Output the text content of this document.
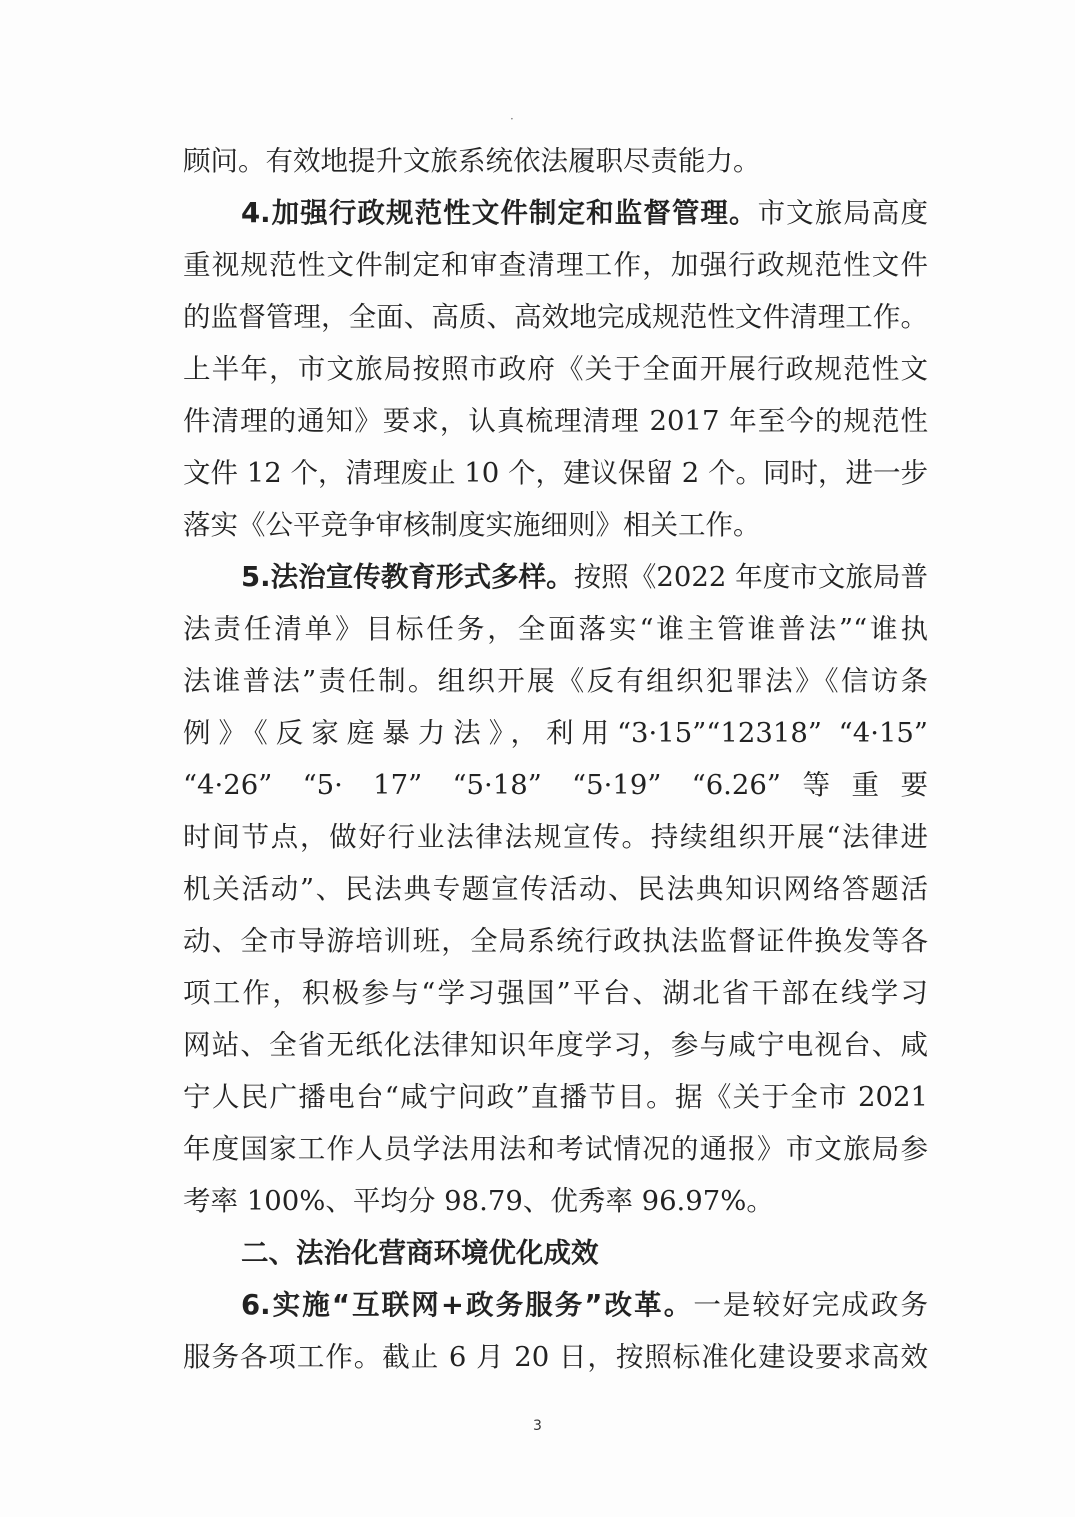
·
顾问。有效地提升文旅系统依法履职尽责能力。
4.加强行政规范性文件制定和监督管理。市文旅局高度
重视规范性文件制定和审查清理工作，加强行政规范性文件
的监督管理，全面、高质、高效地完成规范性文件清理工作。
上半年，市文旅局按照市政府《关于全面开展行政规范性文
件清理的通知》要求，认真梳理清理 2017 年至今的规范性
文件 12 个，清理废止 10 个，建议保留 2 个。同时，进一步
落实《公平竞争审核制度实施细则》相关工作。
5.法治宣传教育形式多样。按照《2022 年度市文旅局普
法责任清单》目标任务，全面落实“谁主管谁普法”“谁执
法谁普法”责任制。组织开展《反有组织犯罪法》《信访条
例》《反家庭暴力法》，利用“3·15”“12318” “4·15”
“4·26” “5· 17” “5·18” “5·19” “6.26”等重要
时间节点，做好行业法律法规宣传。持续组织开展“法律进
机关活动”、民法典专题宣传活动、民法典知识网络答题活
动、全市导游培训班，全局系统行政执法监督证件换发等各
项工作，积极参与“学习强国”平台、湖北省干部在线学习
网站、全省无纸化法律知识年度学习，参与咸宁电视台、咸
宁人民广播电台“咸宁问政”直播节目。据《关于全市 2021
年度国家工作人员学法用法和考试情况的通报》市文旅局参
考率 100%、平均分 98.79、优秀率 96.97%。
二、法治化营商环境优化成效
6.实施“互联网+政务服务”改革。一是较好完成政务
服务各项工作。截止 6 月 20 日，按照标准化建设要求高效
3
